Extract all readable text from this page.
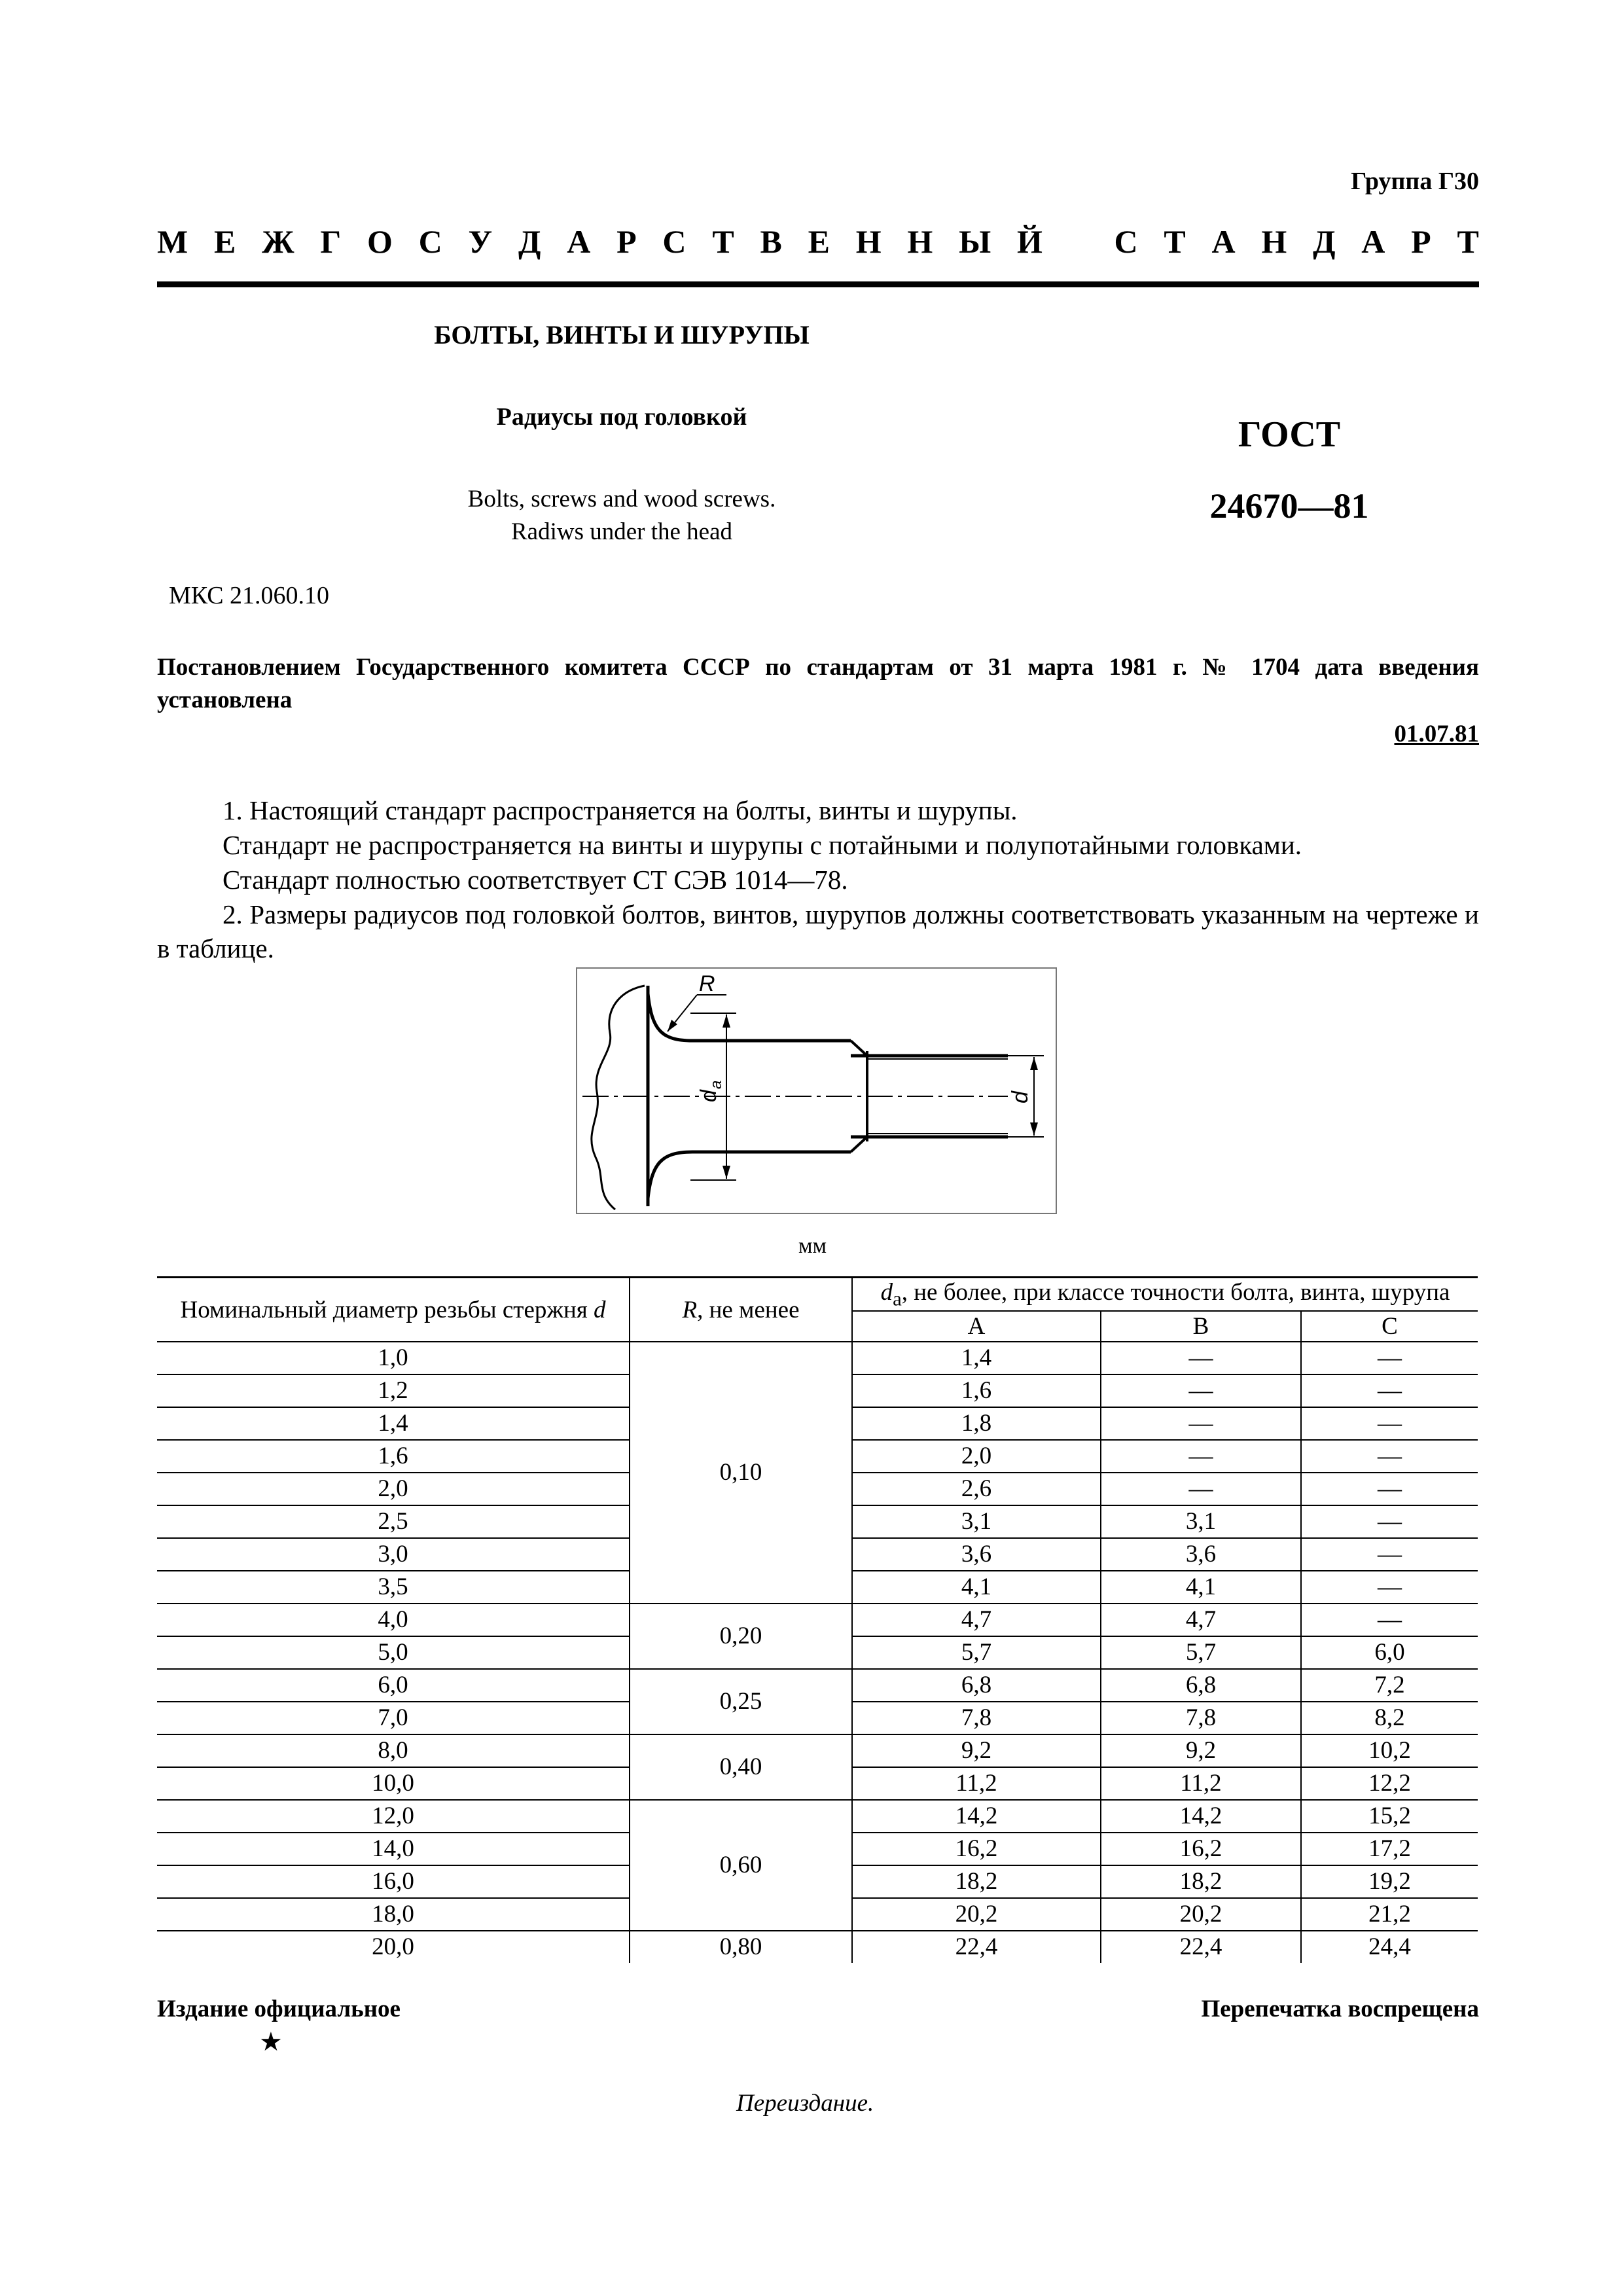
Группа Г30
М Е Ж Г О С У Д А Р С Т В Е Н Н Ы Й С Т А Н Д А Р Т
БОЛТЫ, ВИНТЫ И ШУРУПЫ
Радиусы под головкой
Bolts, screws and wood screws.
Radiws under the head
ГОСТ
24670—81
МКС 21.060.10
Постановлением Государственного комитета СССР по стандартам от 31 марта 1981 г. № 1704 дата введения установлена
01.07.81
1. Настоящий стандарт распространяется на болты, винты и шурупы.
Стандарт не распространяется на винты и шурупы с потайными и полупотайными головками.
Стандарт полностью соответствует СТ СЭВ 1014—78.
2. Размеры радиусов под головкой болтов, винтов, шурупов должны соответствовать указанным на чертеже и в таблице.
R
d
a
d
мм
Номинальный диаметр резьбы стержня d	R, не менее	$d_a$, не более, при классе точности болта, винта, шурупа		
		А	В	С
1,0	0,10	1,4	—	—
1,2		1,6	—	—
1,4		1,8	—	—
1,6		2,0	—	—
2,0		2,6	—	—
2,5		3,1	3,1	—
3,0		3,6	3,6	—
3,5		4,1	4,1	—
4,0	0,20	4,7	4,7	—
5,0		5,7	5,7	6,0
6,0	0,25	6,8	6,8	7,2
7,0		7,8	7,8	8,2
8,0	0,40	9,2	9,2	10,2
10,0		11,2	11,2	12,2
12,0	0,60	14,2	14,2	15,2
14,0		16,2	16,2	17,2
16,0		18,2	18,2	19,2
18,0		20,2	20,2	21,2
20,0	0,80	22,4	22,4	24,4
Издание официальное	Перепечатка воспрещена
★
Переиздание.
